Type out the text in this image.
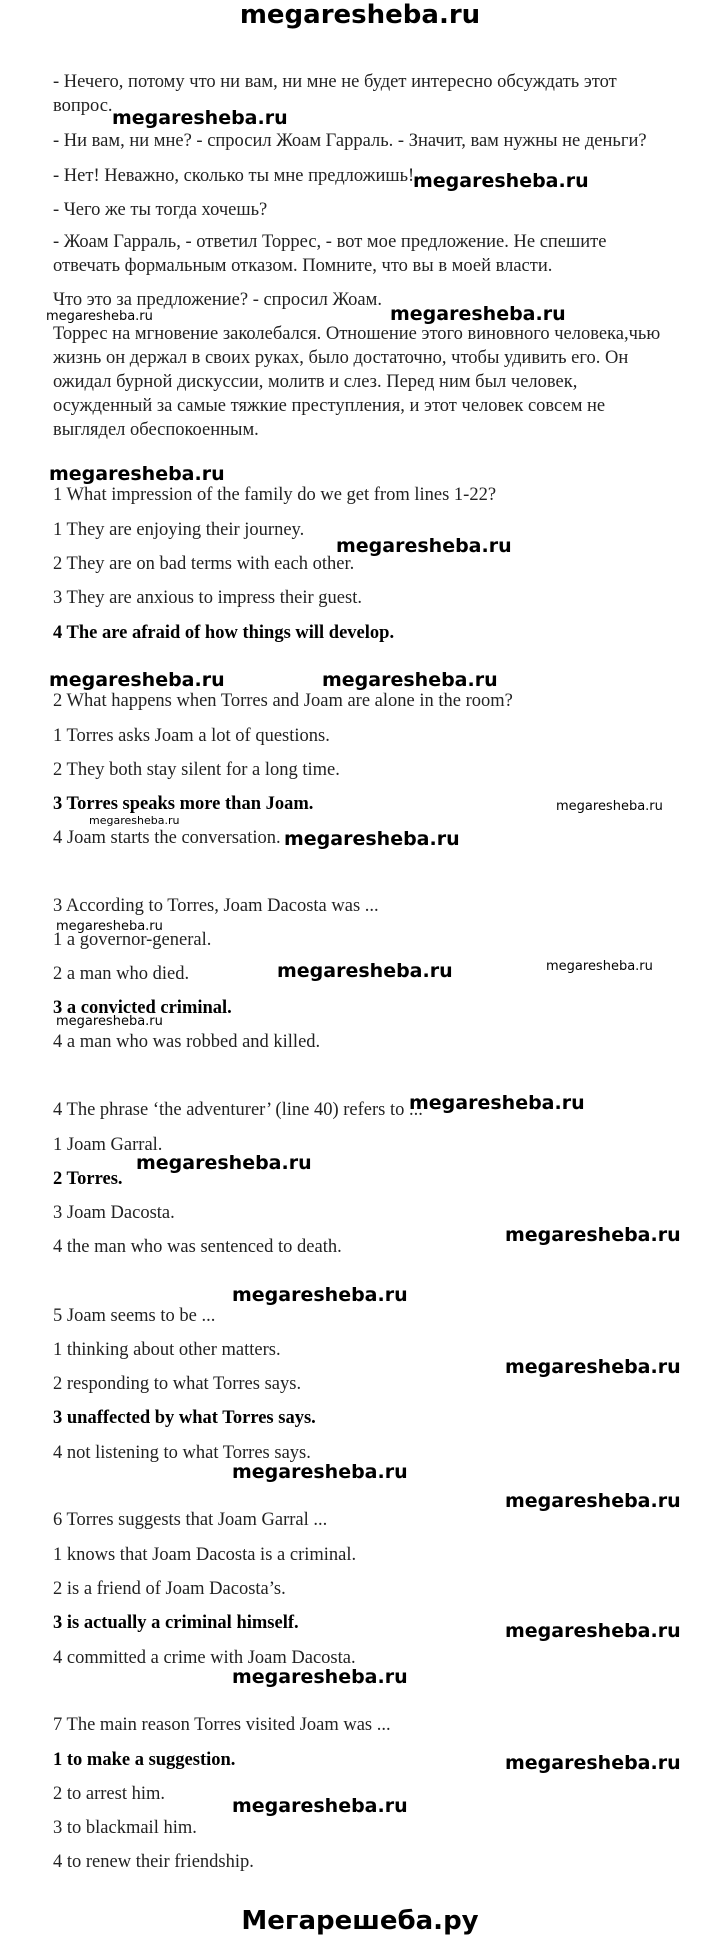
megaresheba.ru
- Нечего, потому что ни вам, ни мне не будет интересно обсуждать этот
вопрос.
- Ни вам, ни мне? - спросил Жоам Гарраль. - Значит, вам нужны не деньги?
- Нет! Неважно, сколько ты мне предложишь!
- Чего же ты тогда хочешь?
- Жоам Гарраль, - ответил Торрес, - вот мое предложение. Не спешите
отвечать формальным отказом. Помните, что вы в моей власти.
Что это за предложение? - спросил Жоам.
Торрес на мгновение заколебался. Отношение этого виновного человека,чью
жизнь он держал в своих руках, было достаточно, чтобы удивить его. Он
ожидал бурной дискуссии, молитв и слез. Перед ним был человек,
осужденный за самые тяжкие преступления, и этот человек совсем не
выглядел обеспокоенным.
1 What impression of the family do we get from lines 1-22?
1 They are enjoying their journey.
2 They are on bad terms with each other.
3 They are anxious to impress their guest.
4 The are afraid of how things will develop.
2 What happens when Torres and Joam are alone in the room?
1 Torres asks Joam a lot of questions.
2 They both stay silent for a long time.
3 Torres speaks more than Joam.
4 Joam starts the conversation.
3 According to Torres, Joam Dacosta was ...
1 a governor-general.
2 a man who died.
3 a convicted criminal.
4 a man who was robbed and killed.
4 The phrase ‘the adventurer’ (line 40) refers to ...
1 Joam Garral.
2 Torres.
3 Joam Dacosta.
4 the man who was sentenced to death.
5 Joam seems to be ...
1 thinking about other matters.
2 responding to what Torres says.
3 unaffected by what Torres says.
4 not listening to what Torres says.
6 Torres suggests that Joam Garral ...
1 knows that Joam Dacosta is a criminal.
2 is a friend of Joam Dacosta’s.
3 is actually a criminal himself.
4 committed a crime with Joam Dacosta.
7 The main reason Torres visited Joam was ...
1 to make a suggestion.
2 to arrest him.
3 to blackmail him.
4 to renew their friendship.
megaresheba.ru
megaresheba.ru
megaresheba.ru	megaresheba.ru
megaresheba.ru
megaresheba.ru
megaresheba.ru	megaresheba.ru
megaresheba.ru
megaresheba.ru
megaresheba.ru
megaresheba.ru
megaresheba.ru	megaresheba.ru
megaresheba.ru
megaresheba.ru
megaresheba.ru
megaresheba.ru
megaresheba.ru
megaresheba.ru
megaresheba.ru
megaresheba.ru
megaresheba.ru
megaresheba.ru
megaresheba.ru
megaresheba.ru
Мегарешеба.ру
